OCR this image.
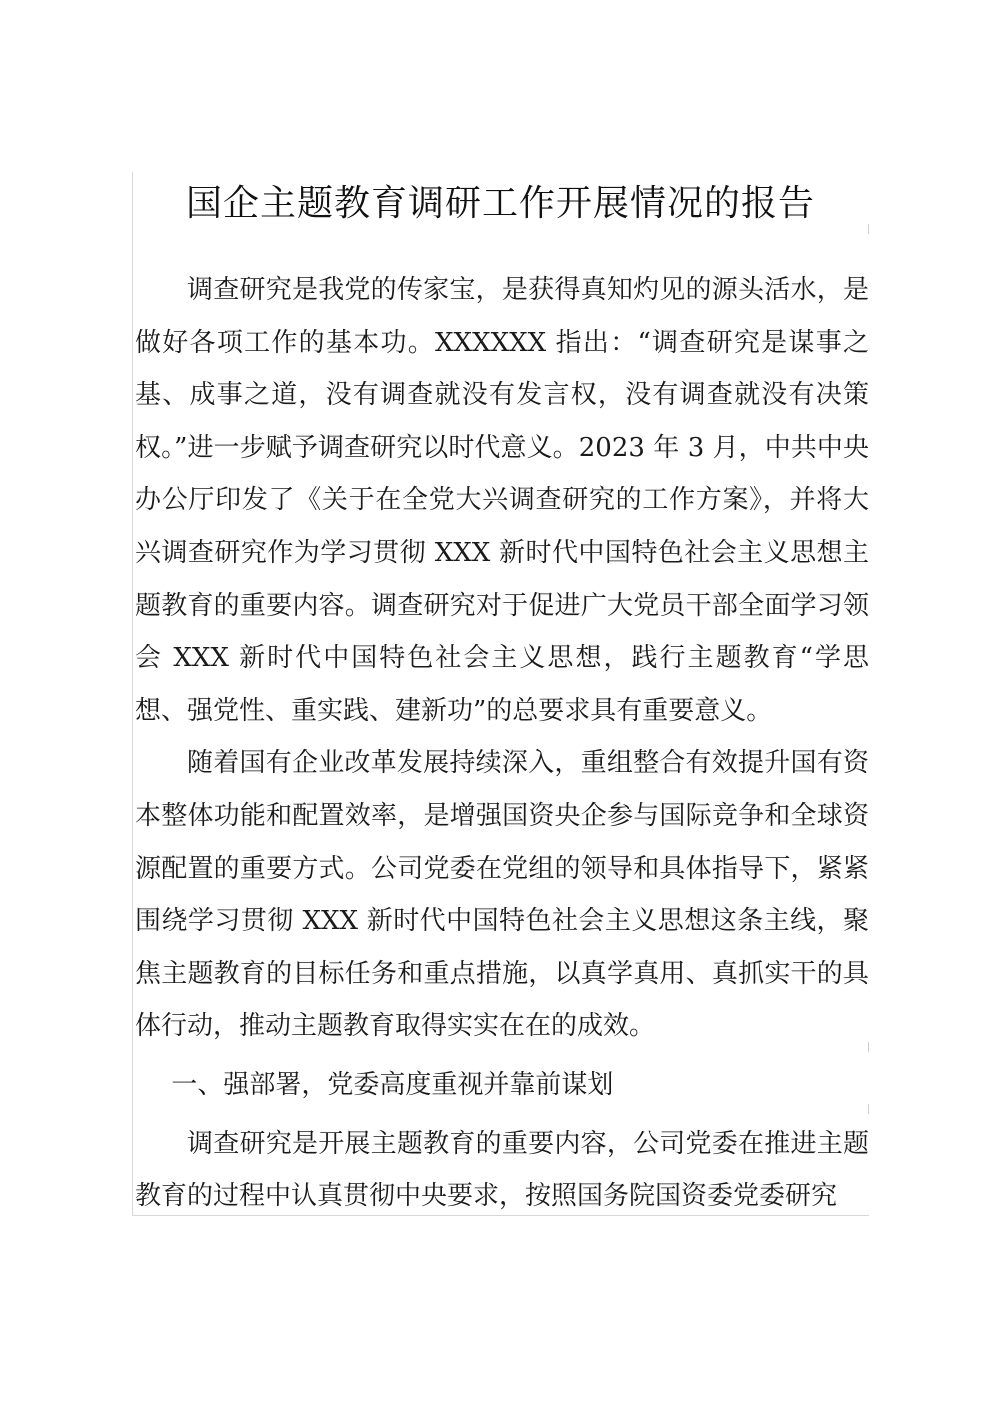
国企主题教育调研工作开展情况的报告

调查研究是我党的传家宝，是获得真知灼见的源头活水，是做好各项工作的基本功。XXXXXX 指出：“调查研究是谋事之基、成事之道，没有调查就没有发言权，没有调查就没有决策权。”进一步赋予调查研究以时代意义。2023 年 3 月，中共中央办公厅印发了《关于在全党大兴调查研究的工作方案》，并将大兴调查研究作为学习贯彻 XXX 新时代中国特色社会主义思想主题教育的重要内容。调查研究对于促进广大党员干部全面学习领会 XXX 新时代中国特色社会主义思想，践行主题教育“学思想、强党性、重实践、建新功”的总要求具有重要意义。

随着国有企业改革发展持续深入，重组整合有效提升国有资本整体功能和配置效率，是增强国资央企参与国际竞争和全球资源配置的重要方式。公司党委在党组的领导和具体指导下，紧紧围绕学习贯彻 XXX 新时代中国特色社会主义思想这条主线，聚焦主题教育的目标任务和重点措施，以真学真用、真抓实干的具体行动，推动主题教育取得实实在在的成效。

一、强部署，党委高度重视并靠前谋划

调查研究是开展主题教育的重要内容，公司党委在推进主题教育的过程中认真贯彻中央要求，按照国务院国资委党委研究
